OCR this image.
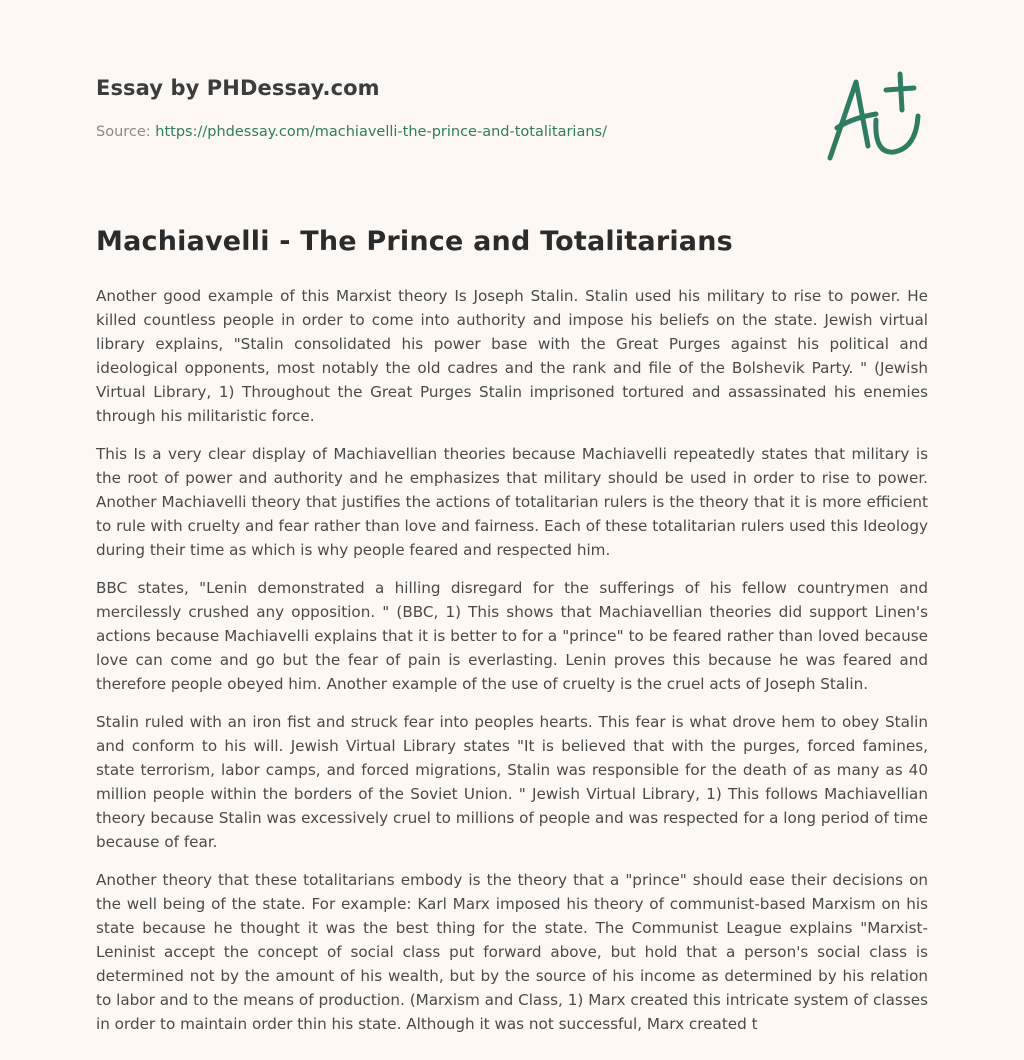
Essay by PHDessay.com

Source: https://phdessay.com/machiavelli-the-prince-and-totalitarians/

Machiavelli - The Prince and Totalitarians

Another good example of this Marxist theory Is Joseph Stalin. Stalin used his military to rise to power. He killed countless people in order to come into authority and impose his beliefs on the state. Jewish virtual library explains, "Stalin consolidated his power base with the Great Purges against his political and ideological opponents, most notably the old cadres and the rank and file of the Bolshevik Party. " (Jewish Virtual Library, 1) Throughout the Great Purges Stalin imprisoned tortured and assassinated his enemies through his militaristic force.

This Is a very clear display of Machiavellian theories because Machiavelli repeatedly states that military is the root of power and authority and he emphasizes that military should be used in order to rise to power. Another Machiavelli theory that justifies the actions of totalitarian rulers is the theory that it is more efficient to rule with cruelty and fear rather than love and fairness. Each of these totalitarian rulers used this Ideology during their time as which is why people feared and respected him.

BBC states, "Lenin demonstrated a hilling disregard for the sufferings of his fellow countrymen and mercilessly crushed any opposition. " (BBC, 1) This shows that Machiavellian theories did support Linen's actions because Machiavelli explains that it is better to for a "prince" to be feared rather than loved because love can come and go but the fear of pain is everlasting. Lenin proves this because he was feared and therefore people obeyed him. Another example of the use of cruelty is the cruel acts of Joseph Stalin.

Stalin ruled with an iron fist and struck fear into peoples hearts. This fear is what drove hem to obey Stalin and conform to his will. Jewish Virtual Library states "It is believed that with the purges, forced famines, state terrorism, labor camps, and forced migrations, Stalin was responsible for the death of as many as 40 million people within the borders of the Soviet Union. " Jewish Virtual Library, 1) This follows Machiavellian theory because Stalin was excessively cruel to millions of people and was respected for a long period of time because of fear.

Another theory that these totalitarians embody is the theory that a "prince" should ease their decisions on the well being of the state. For example: Karl Marx imposed his theory of communist-based Marxism on his state because he thought it was the best thing for the state. The Communist League explains "Marxist-Leninist accept the concept of social class put forward above, but hold that a person's social class is determined not by the amount of his wealth, but by the source of his income as determined by his relation to labor and to the means of production. (Marxism and Class, 1) Marx created this intricate system of classes in order to maintain order thin his state. Although it was not successful, Marx created t
